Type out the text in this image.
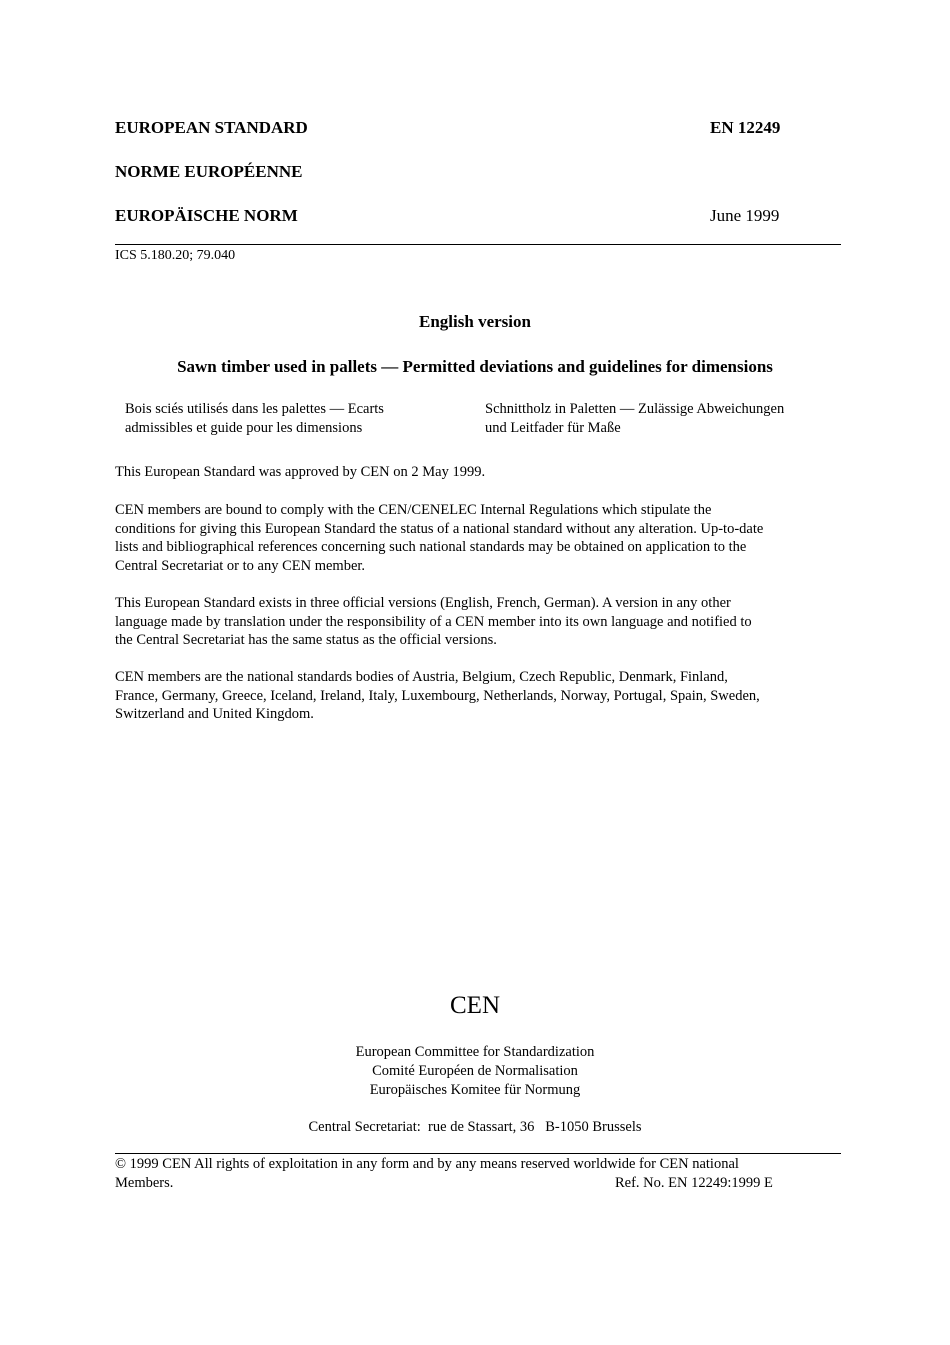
EUROPEAN STANDARD	EN 12249
NORME EUROPÉENNE
EUROPÄISCHE NORM	June 1999
ICS 5.180.20; 79.040
English version
Sawn timber used in pallets — Permitted deviations and guidelines for dimensions
Bois sciés utilisés dans les palettes — Ecarts
admissibles et guide pour les dimensions
Schnittholz in Paletten — Zulässige Abweichungen
und Leitfader für Maße
This European Standard was approved by CEN on 2 May 1999.
CEN members are bound to comply with the CEN/CENELEC Internal Regulations which stipulate the
conditions for giving this European Standard the status of a national standard without any alteration. Up-to-date
lists and bibliographical references concerning such national standards may be obtained on application to the
Central Secretariat or to any CEN member.
This European Standard exists in three official versions (English, French, German). A version in any other
language made by translation under the responsibility of a CEN member into its own language and notified to
the Central Secretariat has the same status as the official versions.
CEN members are the national standards bodies of Austria, Belgium, Czech Republic, Denmark, Finland,
France, Germany, Greece, Iceland, Ireland, Italy, Luxembourg, Netherlands, Norway, Portugal, Spain, Sweden,
Switzerland and United Kingdom.
CEN
European Committee for Standardization
Comité Européen de Normalisation
Europäisches Komitee für Normung
Central Secretariat:  rue de Stassart, 36   B-1050 Brussels
© 1999 CEN All rights of exploitation in any form and by any means reserved worldwide for CEN national
Members.	Ref. No. EN 12249:1999 E
